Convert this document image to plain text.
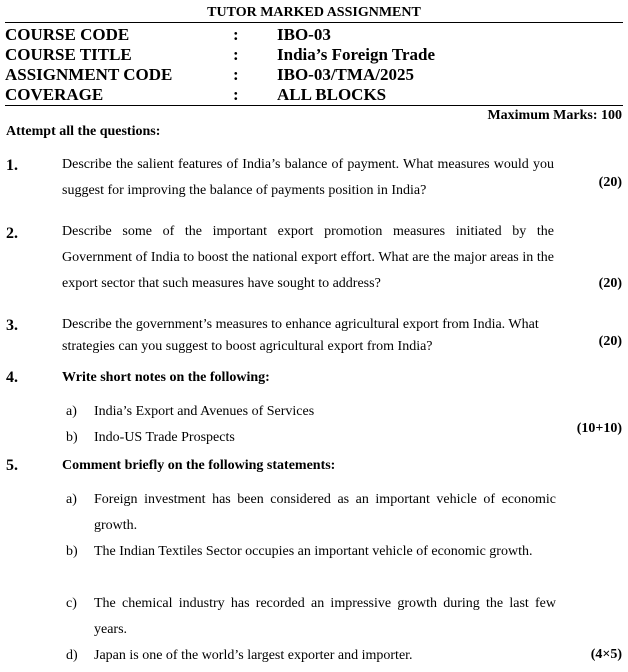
TUTOR MARKED ASSIGNMENT
COURSE CODE	: IBO-03
COURSE TITLE	: India’s Foreign Trade
ASSIGNMENT CODE	: IBO-03/TMA/2025
COVERAGE	: ALL BLOCKS
Maximum Marks: 100
Attempt all the questions:
1.	Describe the salient features of India’s balance of payment. What measures would you suggest for improving the balance of payments position in India?
(20)
2.	Describe some of the important export promotion measures initiated by the Government of India to boost the national export effort. What are the major areas in the export sector that such measures have sought to address?	(20)
3.	Describe the government’s measures to enhance agricultural export from India. What strategies can you suggest to boost agricultural export from India?	(20)
4.	Write short notes on the following:
a) India’s Export and Avenues of Services
b) Indo-US Trade Prospects
(10+10)
5.	Comment briefly on the following statements:
a) Foreign investment has been considered as an important vehicle of economic growth.
b) The Indian Textiles Sector occupies an important vehicle of economic growth.
c) The chemical industry has recorded an impressive growth during the last few years.
d) Japan is one of the world’s largest exporter and importer.	(4×5)
